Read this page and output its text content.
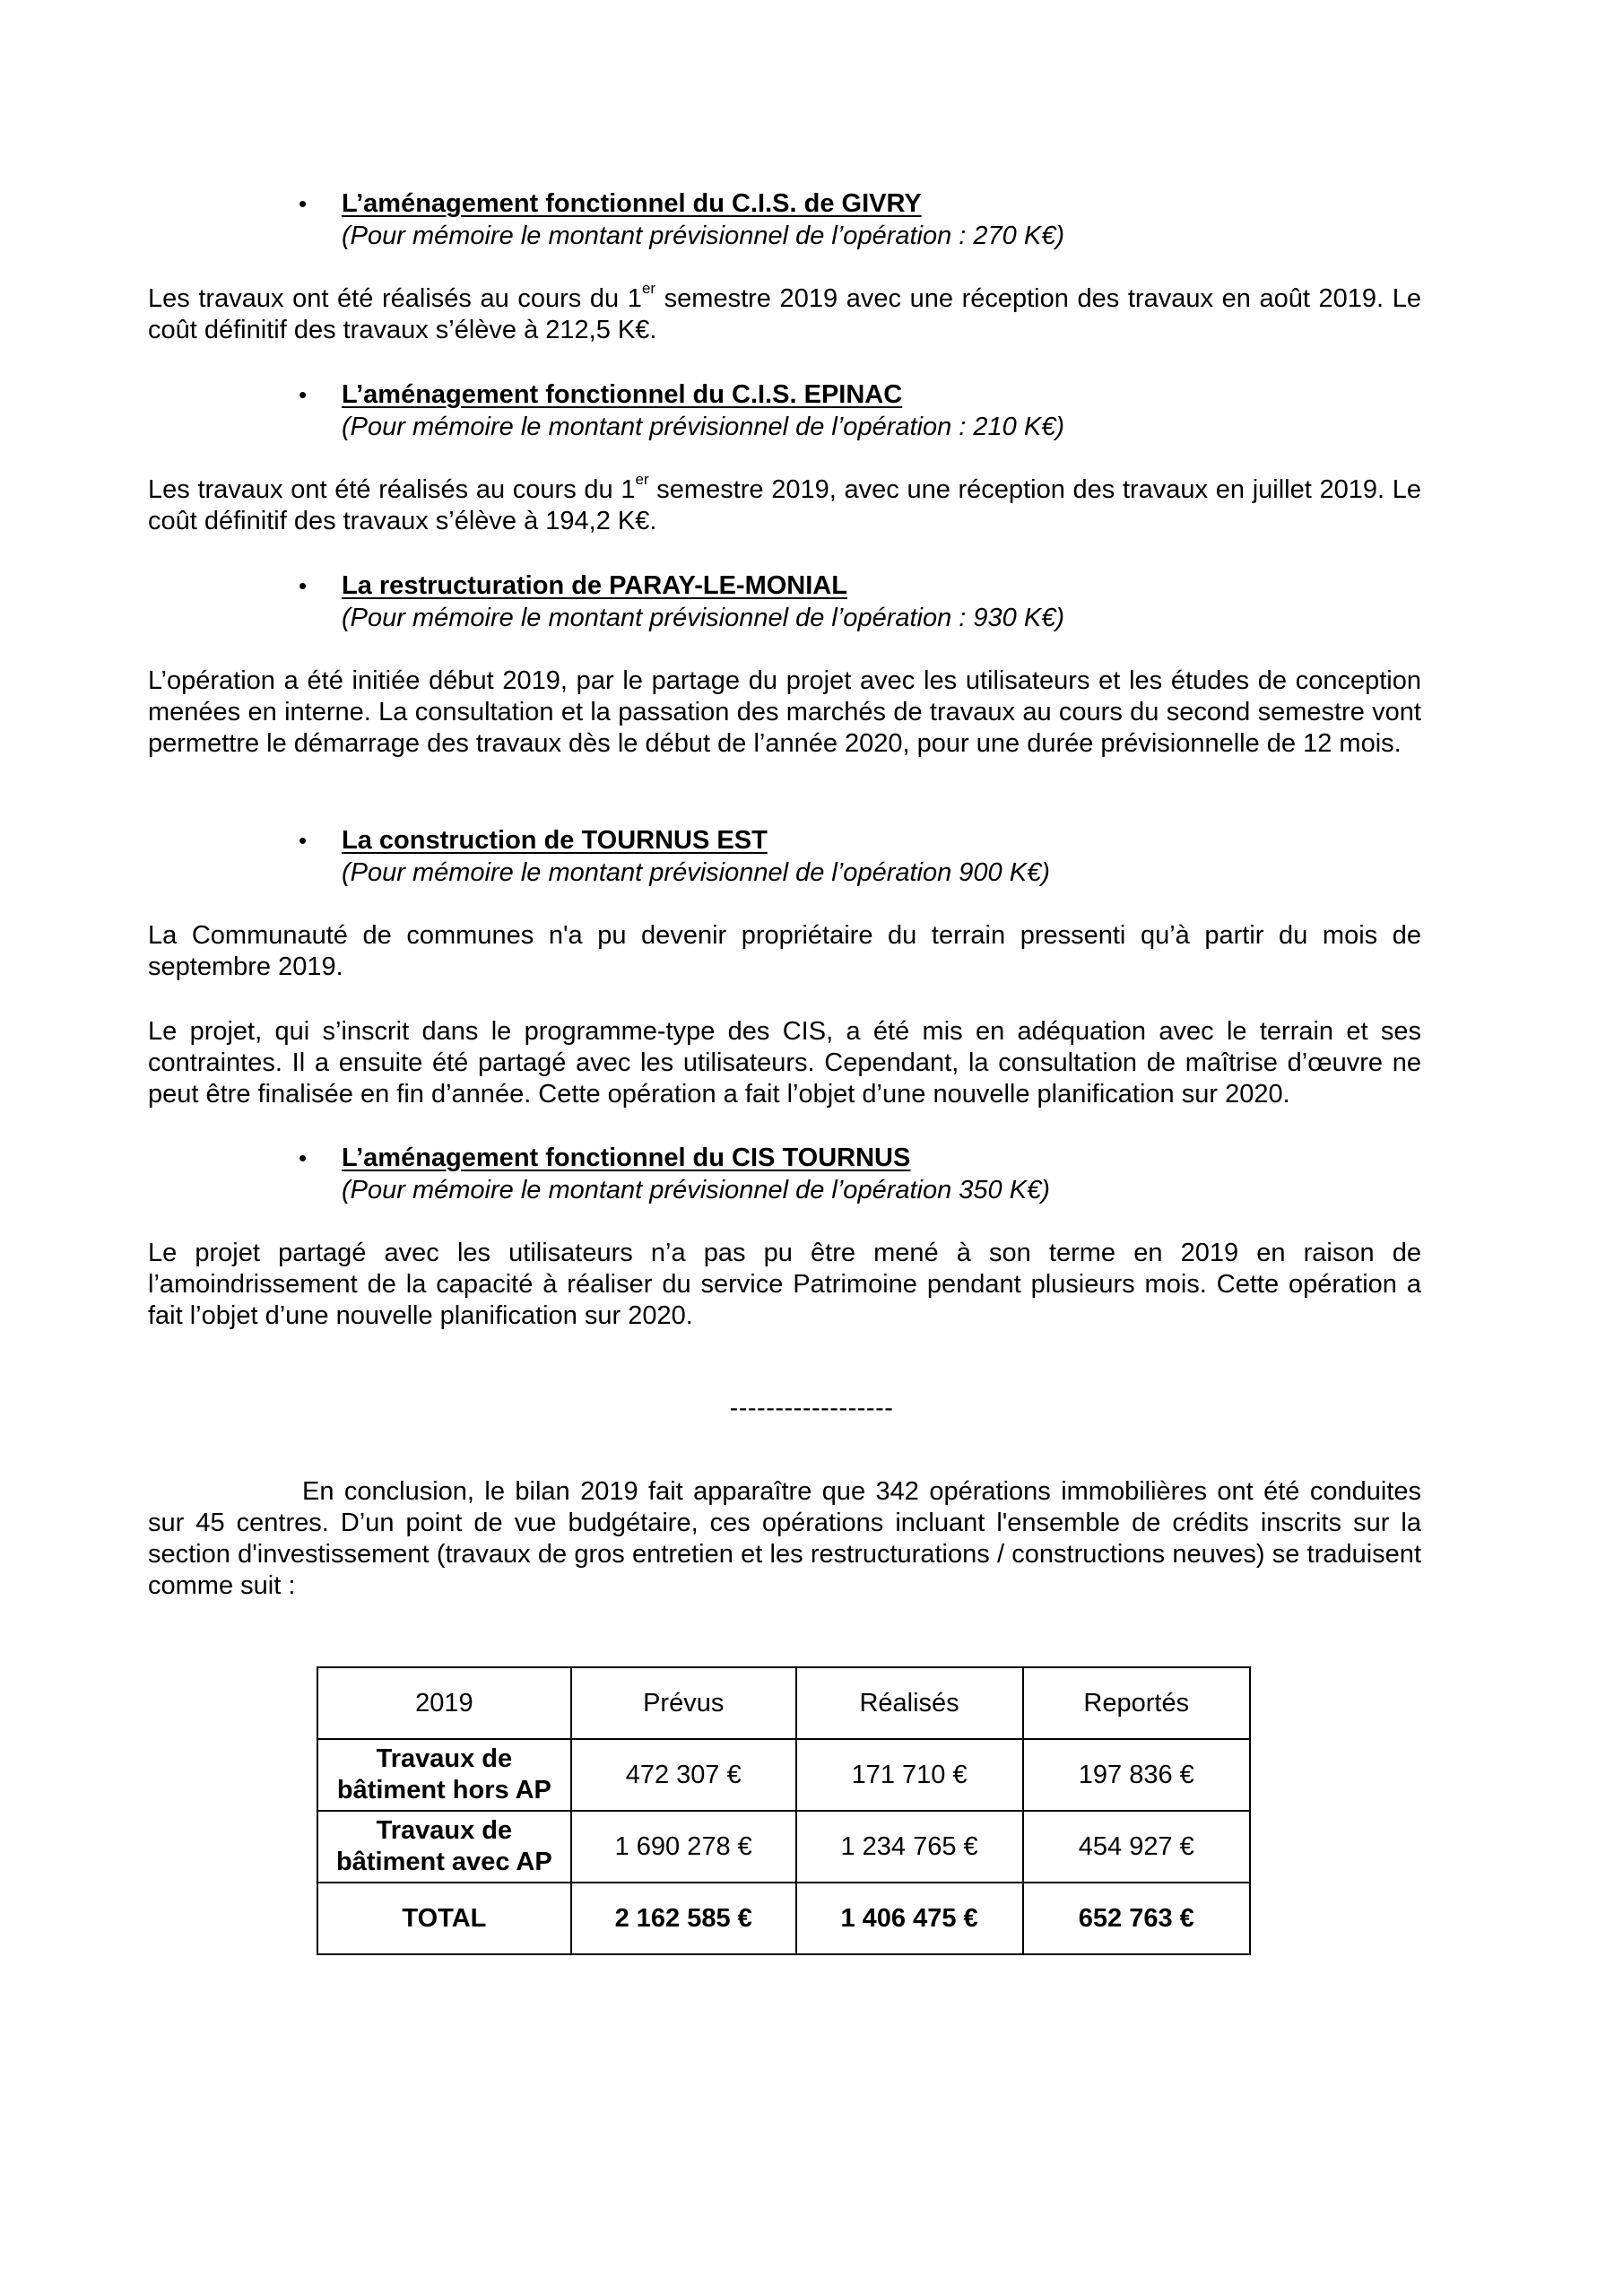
•	L’aménagement fonctionnel du C.I.S. de GIVRY
(Pour mémoire le montant prévisionnel de l’opération : 270 K€)

Les travaux ont été réalisés au cours du 1er semestre 2019 avec une réception des travaux en août 2019. Le coût définitif des travaux s’élève à 212,5 K€.

•	L’aménagement fonctionnel du C.I.S. EPINAC
(Pour mémoire le montant prévisionnel de l’opération : 210 K€)

Les travaux ont été réalisés au cours du 1er semestre 2019, avec une réception des travaux en juillet 2019. Le coût définitif des travaux s’élève à 194,2 K€.

•	La restructuration de PARAY-LE-MONIAL
(Pour mémoire le montant prévisionnel de l’opération : 930 K€)

L’opération a été initiée début 2019, par le partage du projet avec les utilisateurs et les études de conception menées en interne. La consultation et la passation des marchés de travaux au cours du second semestre vont permettre le démarrage des travaux dès le début de l’année 2020, pour une durée prévisionnelle de 12 mois.

•	La construction de TOURNUS EST
(Pour mémoire le montant prévisionnel de l’opération 900 K€)

La Communauté de communes n'a pu devenir propriétaire du terrain pressenti qu’à partir du mois de septembre 2019.

Le projet, qui s’inscrit dans le programme-type des CIS, a été mis en adéquation avec le terrain et ses contraintes. Il a ensuite été partagé avec les utilisateurs. Cependant, la consultation de maîtrise d’œuvre ne peut être finalisée en fin d’année. Cette opération a fait l’objet d’une nouvelle planification sur 2020.

•	L’aménagement fonctionnel du CIS TOURNUS
(Pour mémoire le montant prévisionnel de l’opération 350 K€)

Le projet partagé avec les utilisateurs n’a pas pu être mené à son terme en 2019 en raison de l’amoindrissement de la capacité à réaliser du service Patrimoine pendant plusieurs mois. Cette opération a fait l’objet d’une nouvelle planification sur 2020.

------------------

En conclusion, le bilan 2019 fait apparaître que 342 opérations immobilières ont été conduites sur 45 centres. D’un point de vue budgétaire, ces opérations incluant l'ensemble de crédits inscrits sur la section d'investissement (travaux de gros entretien et les restructurations / constructions neuves) se traduisent comme suit :

2019	Prévus	Réalisés	Reportés
Travaux de bâtiment hors AP	472 307 €	171 710 €	197 836 €
Travaux de bâtiment avec AP	1 690 278 €	1 234 765 €	454 927 €
TOTAL	2 162 585 €	1 406 475 €	652 763 €
